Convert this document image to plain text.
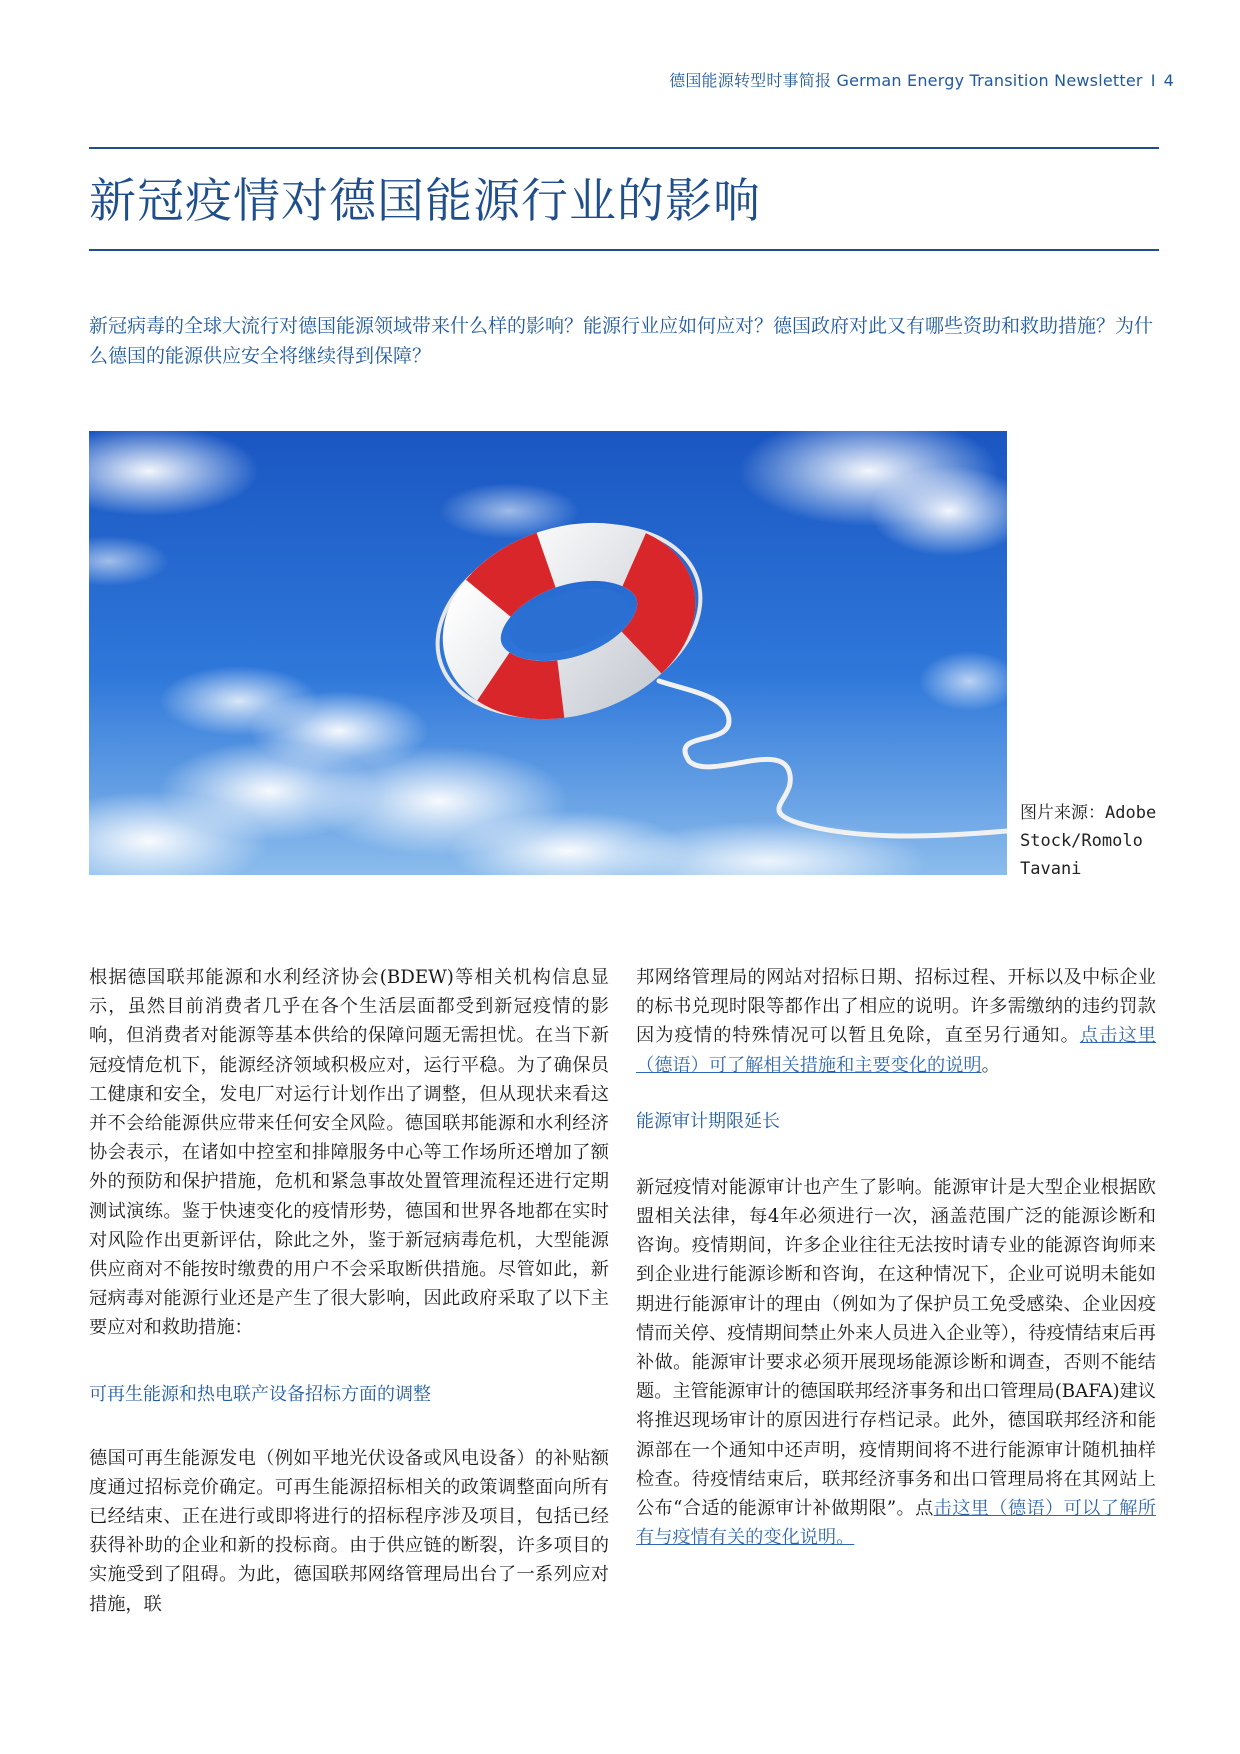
德国能源转型时事简报 German Energy Transition Newsletter I 4
新冠疫情对德国能源行业的影响

新冠病毒的全球大流行对德国能源领域带来什么样的影响？能源行业应如何应对？德国政府对此又有哪些资助和救助措施？为什么德国的能源供应安全将继续得到保障？

图片来源：Adobe Stock/Romolo Tavani

根据德国联邦能源和水利经济协会(BDEW)等相关机构信息显示，虽然目前消费者几乎在各个生活层面都受到新冠疫情的影响，但消费者对能源等基本供给的保障问题无需担忧。在当下新冠疫情危机下，能源经济领域积极应对，运行平稳。为了确保员工健康和安全，发电厂对运行计划作出了调整，但从现状来看这并不会给能源供应带来任何安全风险。德国联邦能源和水利经济协会表示，在诸如中控室和排障服务中心等工作场所还增加了额外的预防和保护措施，危机和紧急事故处置管理流程还进行定期测试演练。鉴于快速变化的疫情形势，德国和世界各地都在实时对风险作出更新评估，除此之外，鉴于新冠病毒危机，大型能源供应商对不能按时缴费的用户不会采取断供措施。尽管如此，新冠病毒对能源行业还是产生了很大影响，因此政府采取了以下主要应对和救助措施：

可再生能源和热电联产设备招标方面的调整

德国可再生能源发电（例如平地光伏设备或风电设备）的补贴额度通过招标竞价确定。可再生能源招标相关的政策调整面向所有已经结束、正在进行或即将进行的招标程序涉及项目，包括已经获得补助的企业和新的投标商。由于供应链的断裂，许多项目的实施受到了阻碍。为此，德国联邦网络管理局出台了一系列应对措施，联

邦网络管理局的网站对招标日期、招标过程、开标以及中标企业的标书兑现时限等都作出了相应的说明。许多需缴纳的违约罚款因为疫情的特殊情况可以暂且免除，直至另行通知。点击这里（德语）可了解相关措施和主要变化的说明。

能源审计期限延长

新冠疫情对能源审计也产生了影响。能源审计是大型企业根据欧盟相关法律，每4年必须进行一次，涵盖范围广泛的能源诊断和咨询。疫情期间，许多企业往往无法按时请专业的能源咨询师来到企业进行能源诊断和咨询，在这种情况下，企业可说明未能如期进行能源审计的理由（例如为了保护员工免受感染、企业因疫情而关停、疫情期间禁止外来人员进入企业等），待疫情结束后再补做。能源审计要求必须开展现场能源诊断和调查，否则不能结题。主管能源审计的德国联邦经济事务和出口管理局(BAFA)建议将推迟现场审计的原因进行存档记录。此外，德国联邦经济和能源部在一个通知中还声明，疫情期间将不进行能源审计随机抽样检查。待疫情结束后，联邦经济事务和出口管理局将在其网站上公布“合适的能源审计补做期限”。点击这里（德语）可以了解所有与疫情有关的变化说明。
